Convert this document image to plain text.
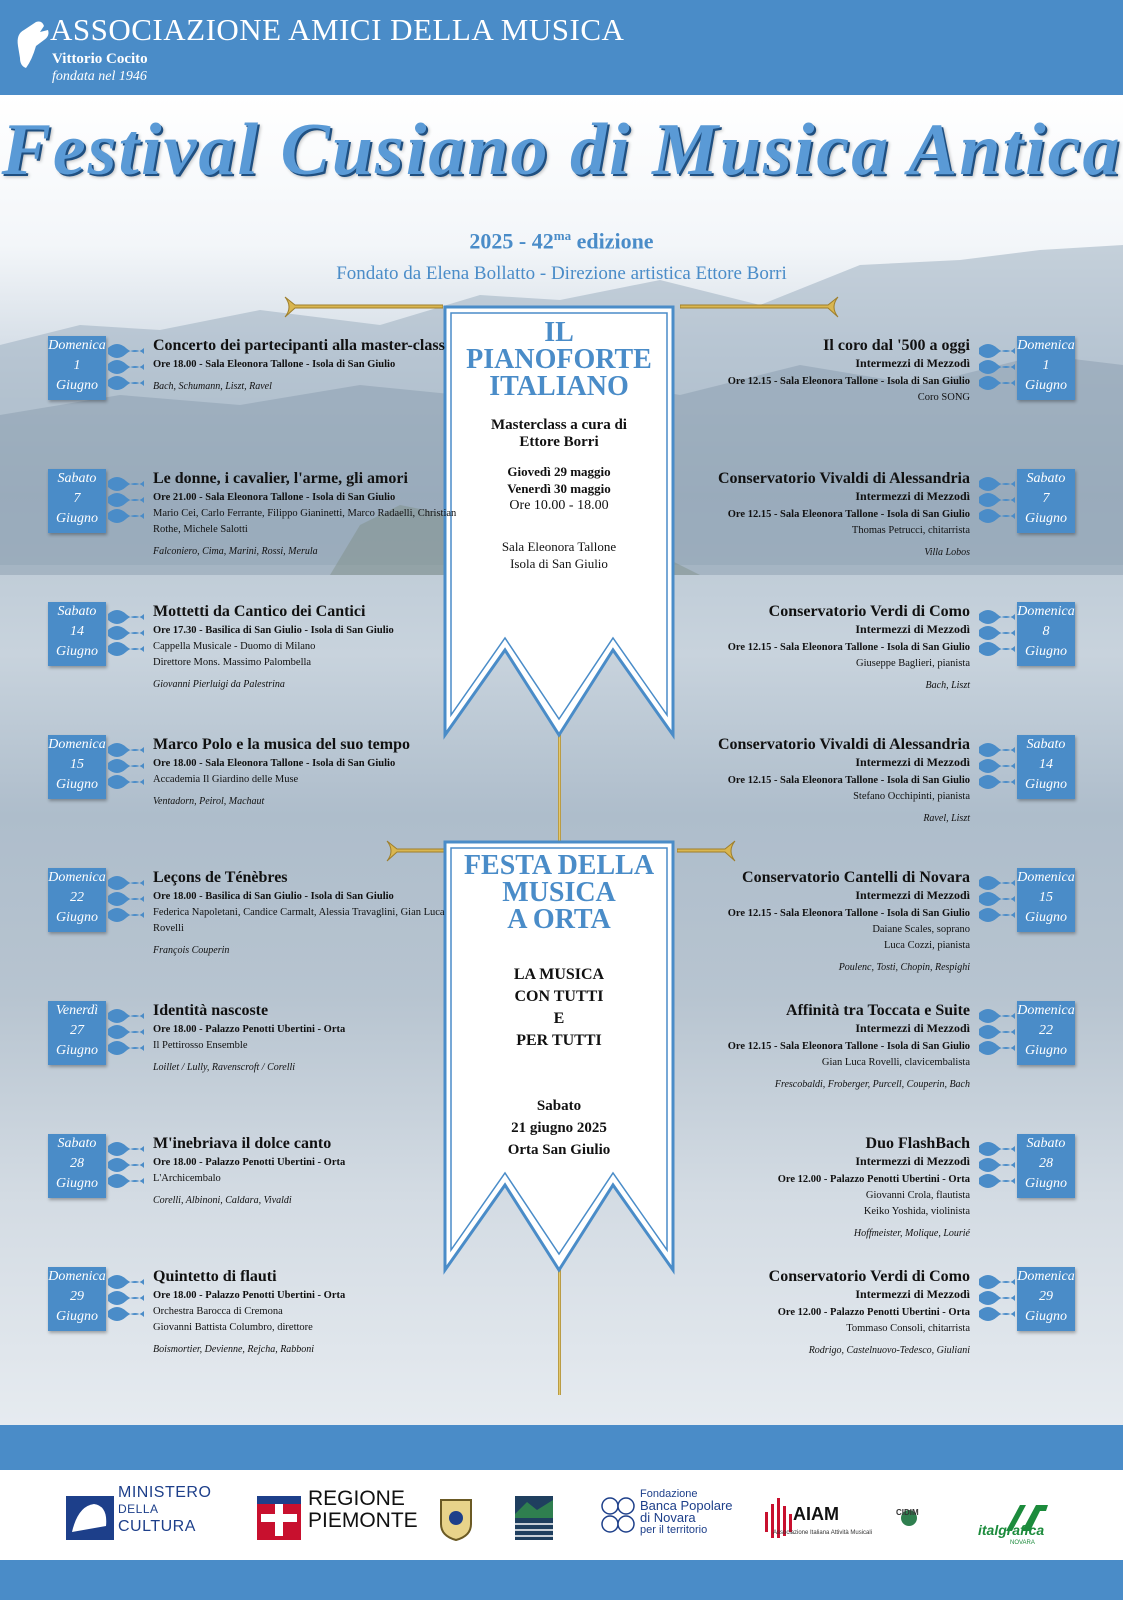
ASSOCIAZIONE AMICI DELLA MUSICA
Vittorio Cocito
fondata nel 1946
Festival Cusiano di Musica Antica
$2025 - 42^{ma}$ edizione
Fondato da Elena Bollatto - Direzione artistica Ettore Borri
IL
PIANOFORTE
ITALIANO
Masterclass a cura di
Ettore Borri
Giovedì 29 maggio
Venerdì 30 maggio
Ore 10.00 - 18.00
Sala Eleonora Tallone
Isola di San Giulio
FESTA DELLA
MUSICA
A ORTA
LA MUSICA
CON TUTTI
E
PER TUTTI
Sabato
21 giugno 2025
Orta San Giulio
Domenica
1
Giugno
Concerto dei partecipanti alla master-class
Ore 18.00 - Sala Eleonora Tallone - Isola di San Giulio
Bach, Schumann, Liszt, Ravel
Sabato
7
Giugno
Le donne, i cavalier, l'arme, gli amori
Ore 21.00 - Sala Eleonora Tallone - Isola di San Giulio
Mario Cei, Carlo Ferrante, Filippo Gianinetti, Marco Radaelli, Christian Rothe, Michele Salotti
Falconiero, Cima, Marini, Rossi, Merula
Sabato
14
Giugno
Mottetti da Cantico dei Cantici
Ore 17.30 - Basilica di San Giulio - Isola di San Giulio
Cappella Musicale - Duomo di Milano
Direttore Mons. Massimo Palombella
Giovanni Pierluigi da Palestrina
Domenica
15
Giugno
Marco Polo e la musica del suo tempo
Ore 18.00 - Sala Eleonora Tallone - Isola di San Giulio
Accademia Il Giardino delle Muse
Ventadorn, Peirol, Machaut
Domenica
22
Giugno
Leçons de Ténèbres
Ore 18.00 - Basilica di San Giulio - Isola di San Giulio
Federica Napoletani, Candice Carmalt, Alessia Travaglini, Gian Luca Rovelli
François Couperin
Venerdì
27
Giugno
Identità nascoste
Ore 18.00 - Palazzo Penotti Ubertini - Orta
Il Pettirosso Ensemble
Loillet / Lully, Ravenscroft / Corelli
Sabato
28
Giugno
M'inebriava il dolce canto
Ore 18.00 - Palazzo Penotti Ubertini - Orta
L'Archicembalo
Corelli, Albinoni, Caldara, Vivaldi
Domenica
29
Giugno
Quintetto di flauti
Ore 18.00 - Palazzo Penotti Ubertini - Orta
Orchestra Barocca di Cremona
Giovanni Battista Columbro, direttore
Boismortier, Devienne, Rejcha, Rabboni
Domenica
1
Giugno
Il coro dal '500 a oggi
Intermezzi di Mezzodì
Ore 12.15 - Sala Eleonora Tallone - Isola di San Giulio
Coro SONG
Sabato
7
Giugno
Conservatorio Vivaldi di Alessandria
Intermezzi di Mezzodì
Ore 12.15 - Sala Eleonora Tallone - Isola di San Giulio
Thomas Petrucci, chitarrista
Villa Lobos
Domenica
8
Giugno
Conservatorio Verdi di Como
Intermezzi di Mezzodì
Ore 12.15 - Sala Eleonora Tallone - Isola di San Giulio
Giuseppe Baglieri, pianista
Bach, Liszt
Sabato
14
Giugno
Conservatorio Vivaldi di Alessandria
Intermezzi di Mezzodì
Ore 12.15 - Sala Eleonora Tallone - Isola di San Giulio
Stefano Occhipinti, pianista
Ravel, Liszt
Domenica
15
Giugno
Conservatorio Cantelli di Novara
Intermezzi di Mezzodì
Ore 12.15 - Sala Eleonora Tallone - Isola di San Giulio
Daiane Scales, soprano
Luca Cozzi, pianista
Poulenc, Tosti, Chopin, Respighi
Domenica
22
Giugno
Affinità tra Toccata e Suite
Intermezzi di Mezzodì
Ore 12.15 - Sala Eleonora Tallone - Isola di San Giulio
Gian Luca Rovelli, clavicembalista
Frescobaldi, Froberger, Purcell, Couperin, Bach
Sabato
28
Giugno
Duo FlashBach
Intermezzi di Mezzodì
Ore 12.00 - Palazzo Penotti Ubertini - Orta
Giovanni Crola, flautista
Keiko Yoshida, violinista
Hoffmeister, Molique, Lourié
Domenica
29
Giugno
Conservatorio Verdi di Como
Intermezzi di Mezzodì
Ore 12.00 - Palazzo Penotti Ubertini - Orta
Tommaso Consoli, chitarrista
Rodrigo, Castelnuovo-Tedesco, Giuliani
MINISTERO
DELLA
CULTURA
REGIONE
PIEMONTE
Fondazione
Banca Popolare
di Novara
per il territorio
AIAM
Associazione Italiana Attività Musicali
CIDIM
italgrafica
NOVARA
